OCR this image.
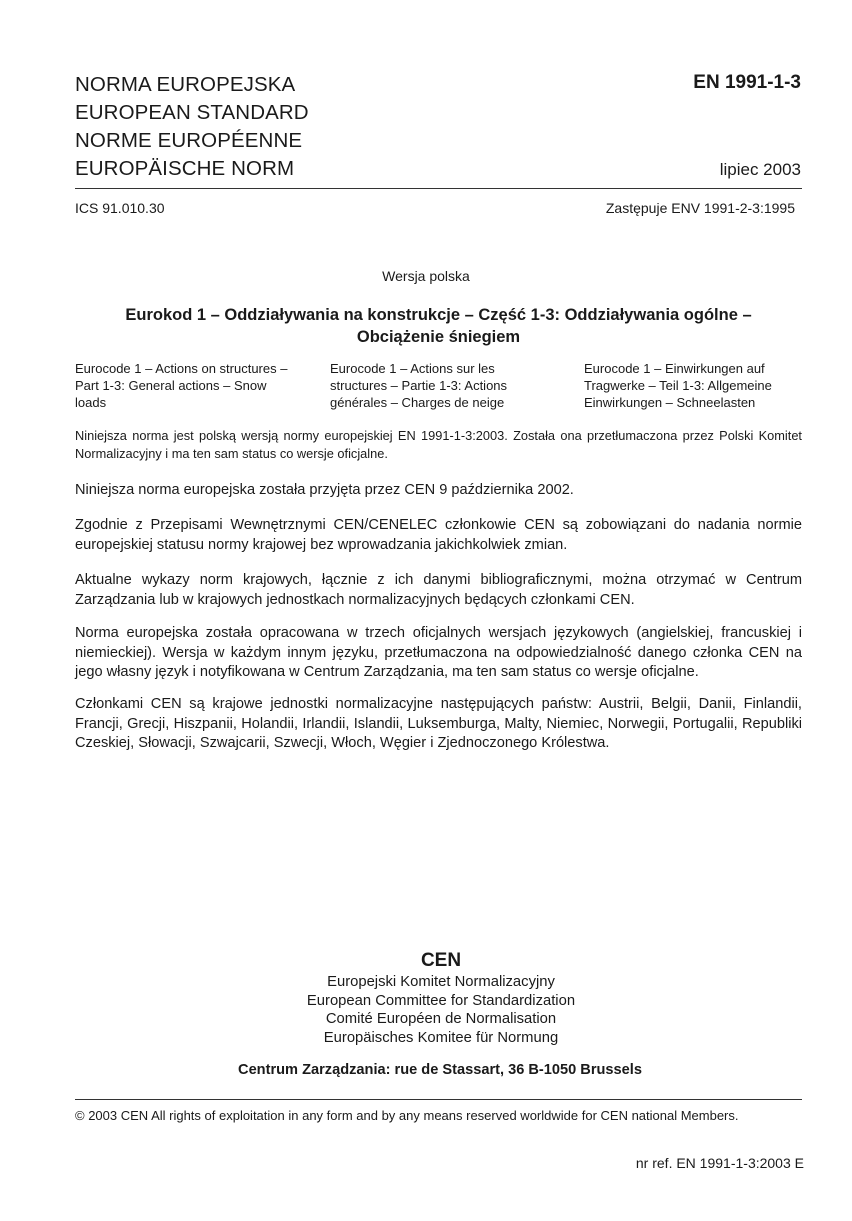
NORMA EUROPEJSKA
EUROPEAN STANDARD
NORME EUROPÉENNE
EUROPÄISCHE NORM
EN 1991-1-3
lipiec 2003
ICS 91.010.30	Zastępuje ENV 1991-2-3:1995
Wersja polska
Eurokod 1 – Oddziaływania na konstrukcje – Część 1-3: Oddziaływania ogólne –
Obciążenie śniegiem
Eurocode 1 – Actions on structures –
Part 1-3: General actions – Snow
loads
Eurocode 1 – Actions sur les
structures – Partie 1-3: Actions
générales – Charges de neige
Eurocode 1 – Einwirkungen auf
Tragwerke – Teil 1-3: Allgemeine
Einwirkungen – Schneelasten
Niniejsza norma jest polską wersją normy europejskiej EN 1991-1-3:2003. Została ona przetłumaczona przez Polski Komitet Normalizacyjny i ma ten sam status co wersje oficjalne.
Niniejsza norma europejska została przyjęta przez CEN 9 października 2002.
Zgodnie z Przepisami Wewnętrznymi CEN/CENELEC członkowie CEN są zobowiązani do nadania normie europejskiej statusu normy krajowej bez wprowadzania jakichkolwiek zmian.
Aktualne wykazy norm krajowych, łącznie z ich danymi bibliograficznymi, można otrzymać w Centrum Zarządzania lub w krajowych jednostkach normalizacyjnych będących członkami CEN.
Norma europejska została opracowana w trzech oficjalnych wersjach językowych (angielskiej, francuskiej i niemieckiej). Wersja w każdym innym języku, przetłumaczona na odpowiedzialność danego członka CEN na jego własny język i notyfikowana w Centrum Zarządzania, ma ten sam status co wersje oficjalne.
Członkami CEN są krajowe jednostki normalizacyjne następujących państw: Austrii, Belgii, Danii, Finlandii, Francji, Grecji, Hiszpanii, Holandii, Irlandii, Islandii, Luksemburga, Malty, Niemiec, Norwegii, Portugalii, Republiki Czeskiej, Słowacji, Szwajcarii, Szwecji, Włoch, Węgier i Zjednoczonego Królestwa.
CEN
Europejski Komitet Normalizacyjny
European Committee for Standardization
Comité Européen de Normalisation
Europäisches Komitee für Normung
Centrum Zarządzania: rue de Stassart, 36 B-1050 Brussels
© 2003 CEN All rights of exploitation in any form and by any means reserved worldwide for CEN national Members.
nr ref. EN 1991-1-3:2003 E
